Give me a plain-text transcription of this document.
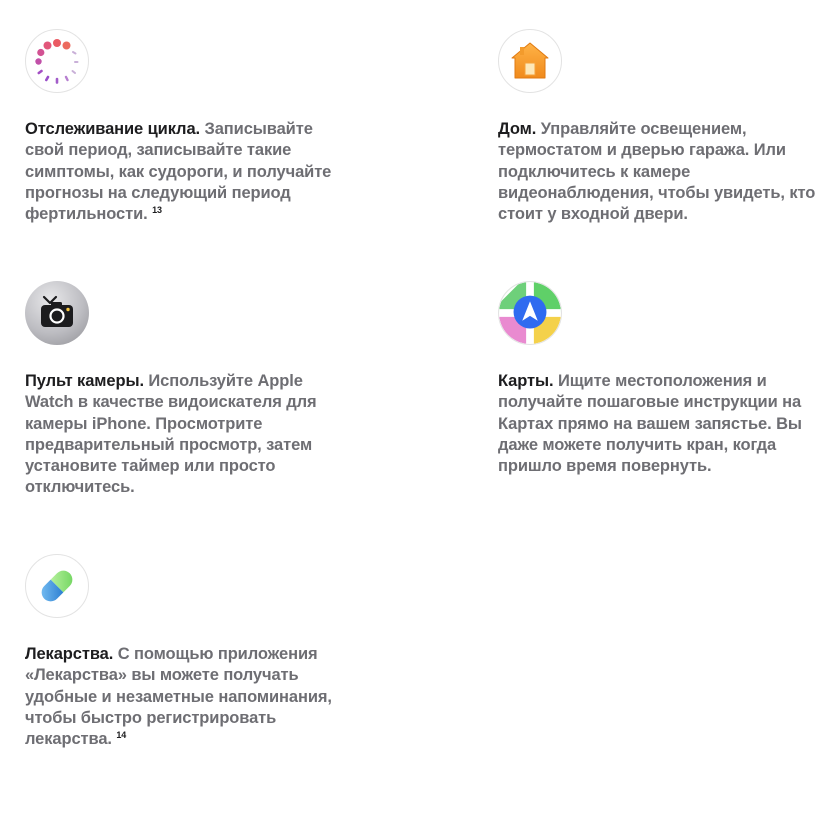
Отслеживание цикла. Записывайте свой период, записывайте такие симптомы, как судороги, и получайте прогнозы на следующий период фертильности. $^{13}$

Дом. Управляйте освещением, термостатом и дверью гаража. Или подключитесь к камере видеонаблюдения, чтобы увидеть, кто стоит у входной двери.

Пульт камеры. Используйте Apple Watch в качестве видоискателя для камеры iPhone. Просмотрите предварительный просмотр, затем установите таймер или просто отключитесь.

Карты. Ищите местоположения и получайте пошаговые инструкции на Картах прямо на вашем запястье. Вы даже можете получить кран, когда пришло время повернуть.

Лекарства. С помощью приложения «Лекарства» вы можете получать удобные и незаметные напоминания, чтобы быстро регистрировать лекарства. $^{14}$
